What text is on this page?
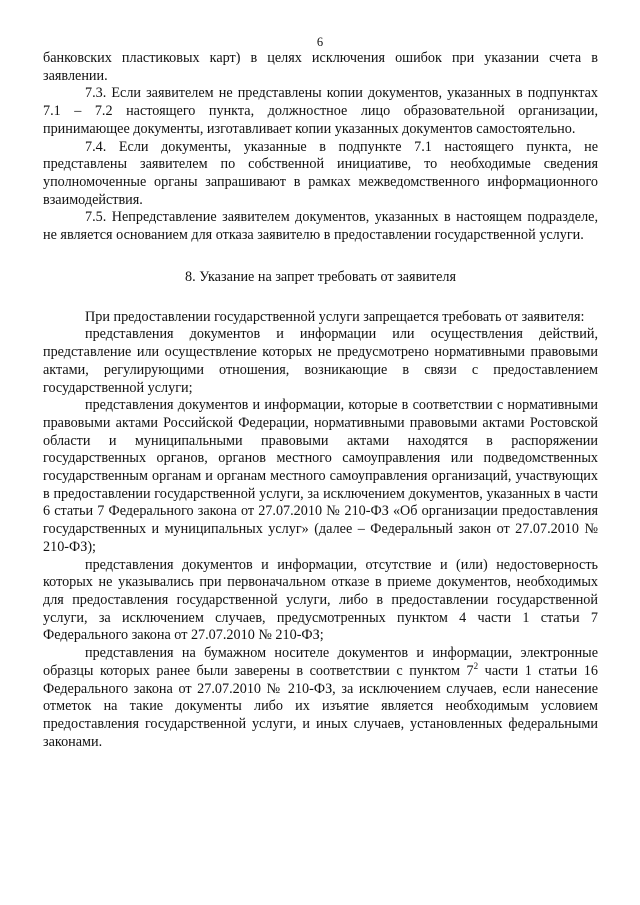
6

банковских пластиковых карт) в целях исключения ошибок при указании счета в заявлении.

7.3. Если заявителем не представлены копии документов, указанных в подпунктах 7.1 – 7.2 настоящего пункта, должностное лицо образовательной организации, принимающее документы, изготавливает копии указанных документов самостоятельно.

7.4. Если документы, указанные в подпункте 7.1 настоящего пункта, не представлены заявителем по собственной инициативе, то необходимые сведения уполномоченные органы запрашивают в рамках межведомственного информационного взаимодействия.

7.5. Непредставление заявителем документов, указанных в настоящем подразделе, не является основанием для отказа заявителю в предоставлении государственной услуги.

8. Указание на запрет требовать от заявителя

При предоставлении государственной услуги запрещается требовать от заявителя:

представления документов и информации или осуществления действий, представление или осуществление которых не предусмотрено нормативными правовыми актами, регулирующими отношения, возникающие в связи с предоставлением государственной услуги;

представления документов и информации, которые в соответствии с нормативными правовыми актами Российской Федерации, нормативными правовыми актами Ростовской области и муниципальными правовыми актами находятся в распоряжении государственных органов, органов местного самоуправления или подведомственных государственным органам и органам местного самоуправления организаций, участвующих в предоставлении государственной услуги, за исключением документов, указанных в части 6 статьи 7 Федерального закона от 27.07.2010 № 210-ФЗ «Об организации предоставления государственных и муниципальных услуг» (далее – Федеральный закон от 27.07.2010 № 210-ФЗ);

представления документов и информации, отсутствие и (или) недостоверность которых не указывались при первоначальном отказе в приеме документов, необходимых для предоставления государственной услуги, либо в предоставлении государственной услуги, за исключением случаев, предусмотренных пунктом 4 части 1 статьи 7 Федерального закона от 27.07.2010 № 210-ФЗ;

представления на бумажном носителе документов и информации, электронные образцы которых ранее были заверены в соответствии с пунктом $7^2$ части 1 статьи 16 Федерального закона от 27.07.2010 № 210-ФЗ, за исключением случаев, если нанесение отметок на такие документы либо их изъятие является необходимым условием предоставления государственной услуги, и иных случаев, установленных федеральными законами.
